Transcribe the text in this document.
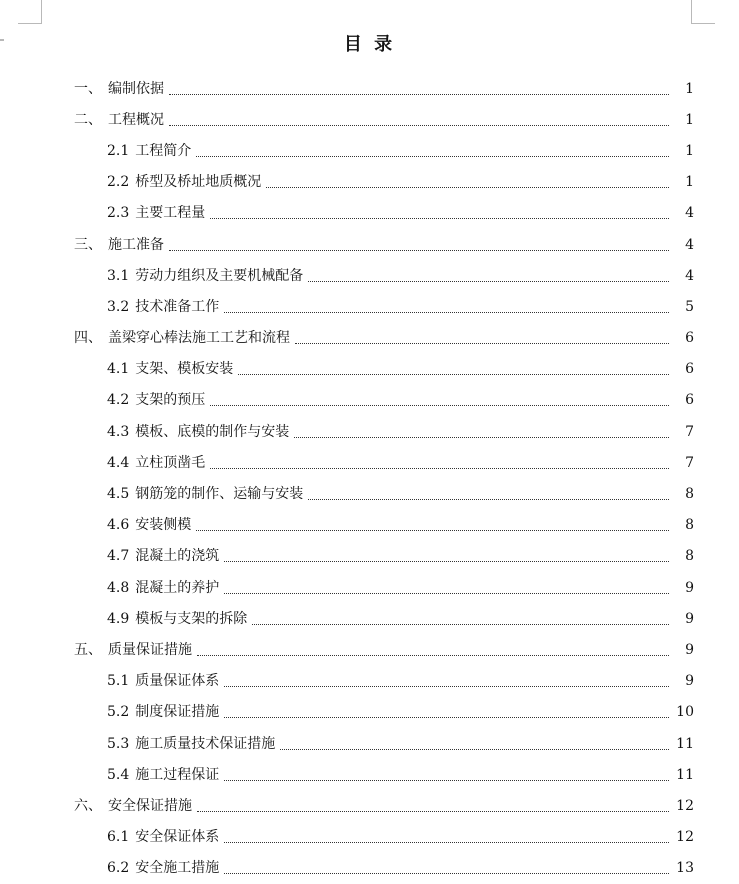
目 录
一、 编制依据	1
二、 工程概况	1
2.1 工程简介	1
2.2 桥型及桥址地质概况	1
2.3 主要工程量	4
三、 施工准备	4
3.1 劳动力组织及主要机械配备	4
3.2 技术准备工作	5
四、 盖梁穿心棒法施工工艺和流程	6
4.1 支架、模板安装	6
4.2 支架的预压	6
4.3 模板、底模的制作与安装	7
4.4 立柱顶凿毛	7
4.5 钢筋笼的制作、运输与安装	8
4.6 安装侧模	8
4.7 混凝土的浇筑	8
4.8 混凝土的养护	9
4.9 模板与支架的拆除	9
五、 质量保证措施	9
5.1 质量保证体系	9
5.2 制度保证措施	10
5.3 施工质量技术保证措施	11
5.4 施工过程保证	11
六、 安全保证措施	12
6.1 安全保证体系	12
6.2 安全施工措施	13
